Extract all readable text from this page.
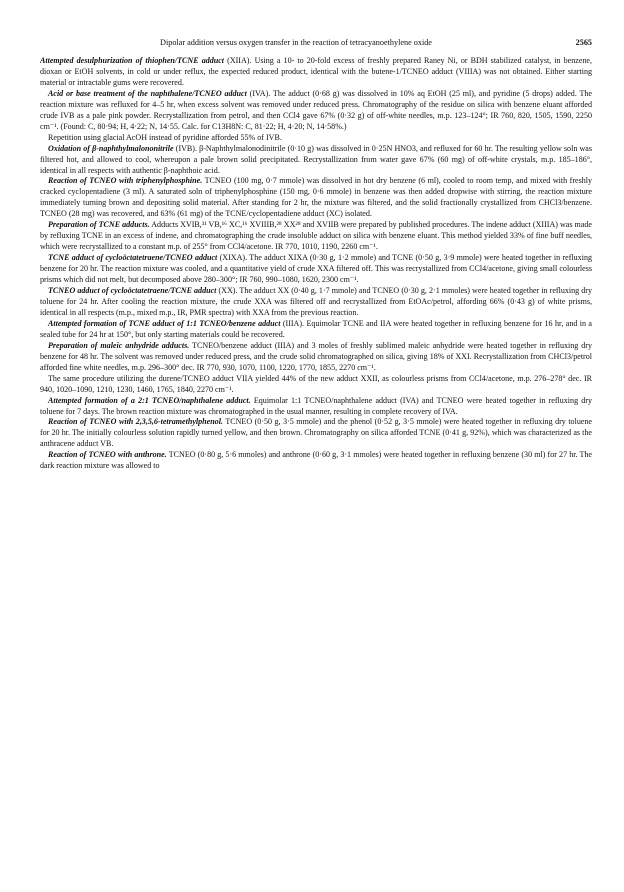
Dipolar addition versus oxygen transfer in the reaction of tetracyanoethylene oxide	2565

Attempted desulphurization of thiophen/TCNE adduct (XIIA). Using a 10- to 20-fold excess of freshly prepared Raney Ni, or BDH stabilized catalyst, in benzene, dioxan or EtOH solvents, in cold or under reflux, the expected reduced product, identical with the butene-1/TCNEO adduct (VIIIA) was not obtained. Either starting material or intractable gums were recovered.

Acid or base treatment of the naphthalene/TCNEO adduct (IVA). The adduct (0·68 g) was dissolved in 10% aq EtOH (25 ml), and pyridine (5 drops) added. The reaction mixture was refluxed for 4–5 hr, when excess solvent was removed under reduced press. Chromatography of the residue on silica with benzene eluant afforded crude IVB as a pale pink powder. Recrystallization from petrol, and then CCl4 gave 67% (0·32 g) of off-white needles, m.p. 123–124°; IR 760, 820, 1505, 1590, 2250 cm⁻¹. (Found: C, 80·94; H, 4·22; N, 14·55. Calc. for C13H8N: C, 81·22; H, 4·20; N, 14·58%.)

Repetition using glacial AcOH instead of pyridine afforded 55% of IVB.

Oxidation of β-naphthylmalononitrile (IVB). β-Naphthylmalonodinitrile (0·10 g) was dissolved in 0·25N HNO3, and refluxed for 60 hr. The resulting yellow soln was filtered hot, and allowed to cool, whereupon a pale brown solid precipitated. Recrystallization from water gave 67% (60 mg) of off-white crystals, m.p. 185–186°, identical in all respects with authentic β-naphthoic acid.

Reaction of TCNEO with triphenylphosphine. TCNEO (100 mg, 0·7 mmole) was dissolved in hot dry benzene (6 ml), cooled to room temp, and mixed with freshly cracked cyclopentadiene (3 ml). A saturated soln of triphenylphosphine (150 mg, 0·6 mmole) in benzene was then added dropwise with stirring, the reaction mixture immediately turning brown and depositing solid material. After standing for 2 hr, the mixture was filtered, and the solid fractionally crystallized from CHCl3/benzene. TCNEO (28 mg) was recovered, and 63% (61 mg) of the TCNE/cyclopentadiene adduct (XC) isolated.

Preparation of TCNE adducts. Adducts XVIB,³¹ VB,¹⁶ XC,¹⁶ XVIIIB,²⁸ XX²⁸ and XVIIB were prepared by published procedures. The indene adduct (XIIIA) was made by refluxing TCNE in an excess of indene, and chromatographing the crude insoluble adduct on silica with benzene eluant. This method yielded 33% of fine buff needles, which were recrystallized to a constant m.p. of 255° from CCl4/acetone. IR 770, 1010, 1190, 2260 cm⁻¹.

TCNE adduct of cycloöctatetraene/TCNEO adduct (XIXA). The adduct XIXA (0·30 g, 1·2 mmole) and TCNE (0·50 g, 3·9 mmole) were heated together in refluxing benzene for 20 hr. The reaction mixture was cooled, and a quantitative yield of crude XXA filtered off. This was recrystallized from CCl4/acetone, giving small colourless prisms which did not melt, but decomposed above 280–300°; IR 760, 990–1080, 1620, 2300 cm⁻¹.

TCNEO adduct of cycloöctatetraene/TCNE adduct (XX). The adduct XX (0·40 g, 1·7 mmole) and TCNEO (0·30 g, 2·1 mmoles) were heated together in refluxing dry toluene for 24 hr. After cooling the reaction mixture, the crude XXA was filtered off and recrystallized from EtOAc/petrol, affording 66% (0·43 g) of white prisms, identical in all respects (m.p., mixed m.p., IR, PMR spectra) with XXA from the previous reaction.

Attempted formation of TCNE adduct of 1:1 TCNEO/benzene adduct (IIIA). Equimolar TCNE and IIA were heated together in refluxing benzene for 16 hr, and in a sealed tube for 24 hr at 150°, but only starting materials could be recovered.

Preparation of maleic anhydride adducts. TCNEO/benzene adduct (IIIA) and 3 moles of freshly sublimed maleic anhydride were heated together in refluxing dry benzene for 48 hr. The solvent was removed under reduced press, and the crude solid chromatographed on silica, giving 18% of XXI. Recrystallization from CHCl3/petrol afforded fine white needles, m.p. 296–300° dec. IR 770, 930, 1070, 1100, 1220, 1770, 1855, 2270 cm⁻¹.

The same procedure utilizing the durene/TCNEO adduct VIIA yielded 44% of the new adduct XXII, as colourless prisms from CCl4/acetone, m.p. 276–278° dec. IR 940, 1020–1090, 1210, 1230, 1460, 1765, 1840, 2270 cm⁻¹.

Attempted formation of a 2:1 TCNEO/naphthalene adduct. Equimolar 1:1 TCNEO/naphthalene adduct (IVA) and TCNEO were heated together in refluxing dry toluene for 7 days. The brown reaction mixture was chromatographed in the usual manner, resulting in complete recovery of IVA.

Reaction of TCNEO with 2,3,5,6-tetramethylphenol. TCNEO (0·50 g, 3·5 mmole) and the phenol (0·52 g, 3·5 mmole) were heated together in refluxing dry toluene for 20 hr. The initially colourless solution rapidly turned yellow, and then brown. Chromatography on silica afforded TCNE (0·41 g, 92%), which was characterized as the anthracene adduct VB.

Reaction of TCNEO with anthrone. TCNEO (0·80 g, 5·6 mmoles) and anthrone (0·60 g, 3·1 mmoles) were heated together in refluxing benzene (30 ml) for 27 hr. The dark reaction mixture was allowed to
